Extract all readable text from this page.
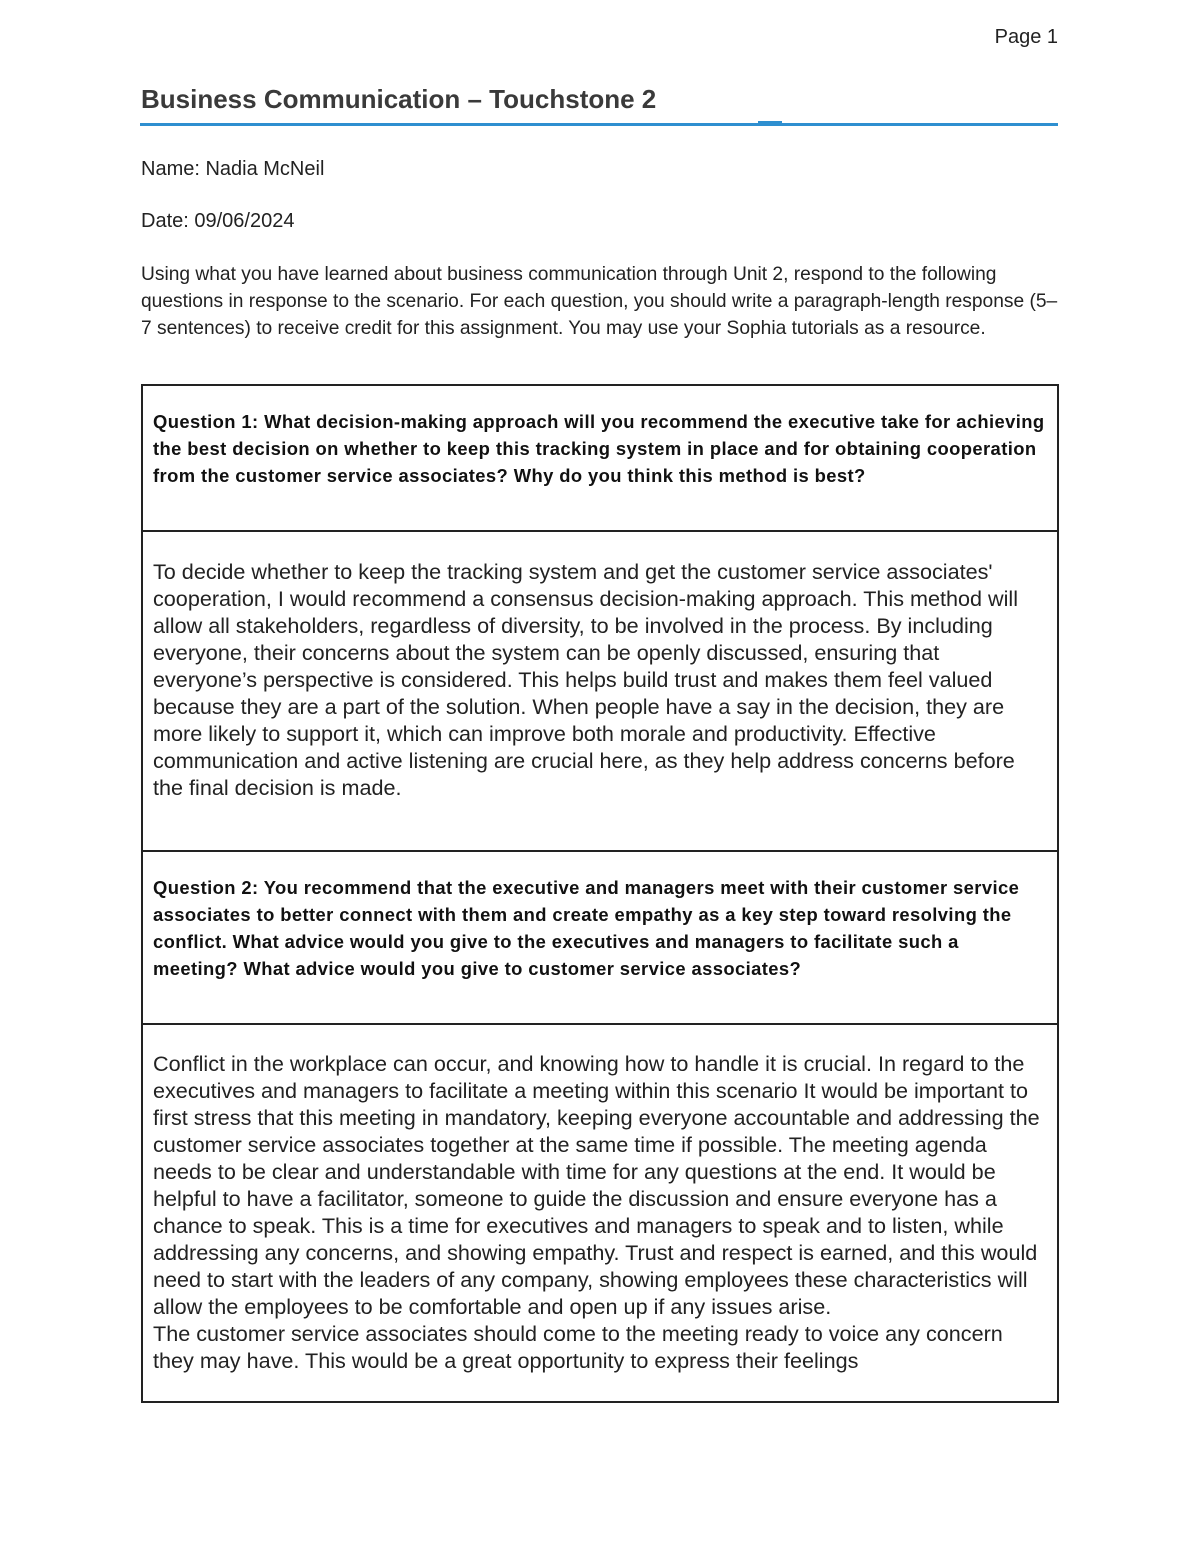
Page 1
Business Communication – Touchstone 2

Name: Nadia McNeil

Date: 09/06/2024

Using what you have learned about business communication through Unit 2, respond to the following questions in response to the scenario. For each question, you should write a paragraph-length response (5–7 sentences) to receive credit for this assignment. You may use your Sophia tutorials as a resource.

Question 1: What decision-making approach will you recommend the executive take for achieving the best decision on whether to keep this tracking system in place and for obtaining cooperation from the customer service associates? Why do you think this method is best?

To decide whether to keep the tracking system and get the customer service associates' cooperation, I would recommend a consensus decision-making approach. This method will allow all stakeholders, regardless of diversity, to be involved in the process. By including everyone, their concerns about the system can be openly discussed, ensuring that everyone’s perspective is considered. This helps build trust and makes them feel valued because they are a part of the solution. When people have a say in the decision, they are more likely to support it, which can improve both morale and productivity. Effective communication and active listening are crucial here, as they help address concerns before the final decision is made.

Question 2: You recommend that the executive and managers meet with their customer service associates to better connect with them and create empathy as a key step toward resolving the conflict. What advice would you give to the executives and managers to facilitate such a meeting? What advice would you give to customer service associates?

Conflict in the workplace can occur, and knowing how to handle it is crucial. In regard to the executives and managers to facilitate a meeting within this scenario It would be important to first stress that this meeting in mandatory, keeping everyone accountable and addressing the customer service associates together at the same time if possible. The meeting agenda needs to be clear and understandable with time for any questions at the end. It would be helpful to have a facilitator, someone to guide the discussion and ensure everyone has a chance to speak. This is a time for executives and managers to speak and to listen, while addressing any concerns, and showing empathy. Trust and respect is earned, and this would need to start with the leaders of any company, showing employees these characteristics will allow the employees to be comfortable and open up if any issues arise.

The customer service associates should come to the meeting ready to voice any concern they may have. This would be a great opportunity to express their feelings
